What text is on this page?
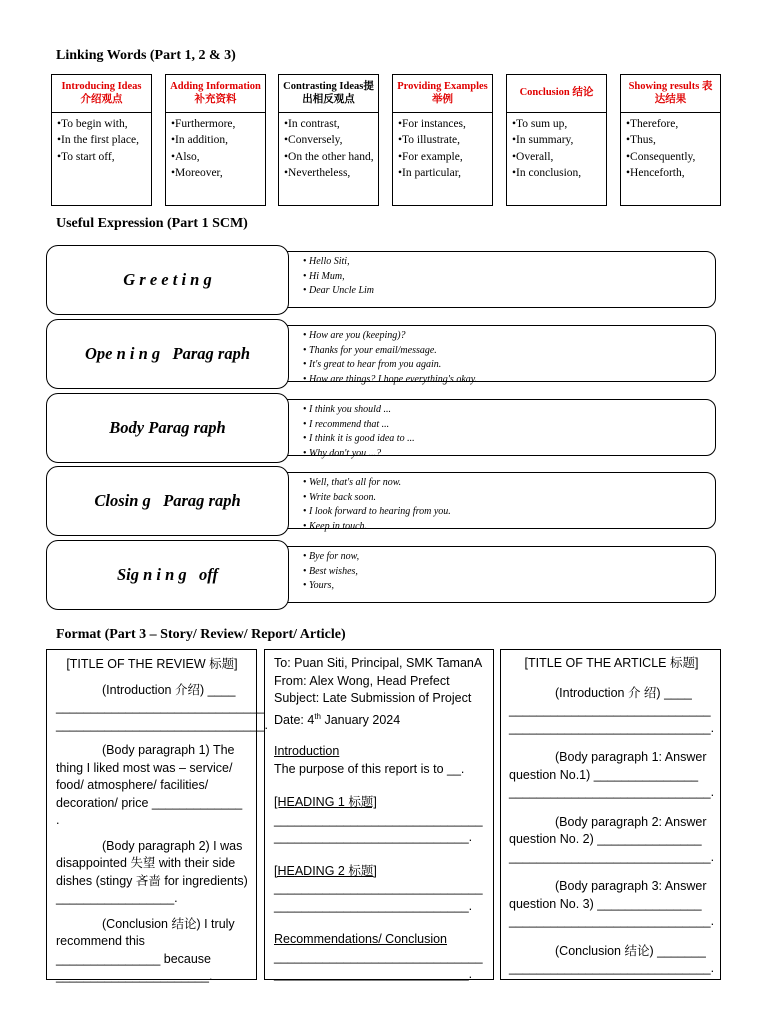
Linking Words (Part 1, 2 & 3)
Introducing Ideas 介绍观点
• To begin with,
• In the first place,
• To start off,
Adding Information 补充资料
• Furthermore,
• In addition,
• Also,
• Moreover,
Contrasting Ideas提出相反观点
• In contrast,
• Conversely,
• On the other hand,
• Nevertheless,
Providing Examples 举例
• For instances,
• To illustrate,
• For example,
• In particular,
Conclusion 结论
• To sum up,
• In summary,
• Overall,
• In conclusion,
Showing results 表达结果
• Therefore,
• Thus,
• Consequently,
• Henceforth,
Useful Expression (Part 1 SCM)
• Hello Siti,
• Hi Mum,
• Dear Uncle Lim
G r e e t i n g
• How are you (keeping)?
• Thanks for your email/message.
• It's great to hear from you again.
• How are things? I hope everything's okay.
Ope n i n g   Parag raph
• I think you should ...
• I recommend that ...
• I think it is good idea to ...
• Why don't you ...?
Body Parag raph
• Well, that's all for now.
• Write back soon.
• I look forward to hearing from you.
• Keep in touch.
Closin g   Parag raph
• Bye for now,
• Best wishes,
• Yours,
Sig n i n g   off
Format (Part 3 – Story/ Review/ Report/ Article)

[TITLE OF THE REVIEW 标题]

(Introduction 介绍) ____

______________________________

______________________________.

(Body paragraph 1) The thing I liked most was – service/ food/ atmosphere/ facilities/ decoration/ price _____________ .

(Body paragraph 2) I was disappointed 失望 with their side dishes (stingy 吝啬 for ingredients) _________________.

(Conclusion 结论) I truly recommend this _______________ because ______________________.

To: Puan Siti, Principal, SMK TamanA

From: Alex Wong, Head Prefect

Subject: Late Submission of Project

Date: 4th January 2024

Introduction

The purpose of this report is to __.

[HEADING 1 标题]

______________________________

____________________________.

[HEADING 2 标题]

______________________________

____________________________.

Recommendations/ Conclusion

______________________________

____________________________.

[TITLE OF THE ARTICLE 标题]

(Introduction 介 绍) ____

_____________________________

_____________________________.

(Body paragraph 1: Answer question No.1) _______________

_____________________________.

(Body paragraph 2: Answer question No. 2) _______________

_____________________________.

(Body paragraph 3: Answer question No. 3) _______________

_____________________________.

(Conclusion 结论) _______

_____________________________.
